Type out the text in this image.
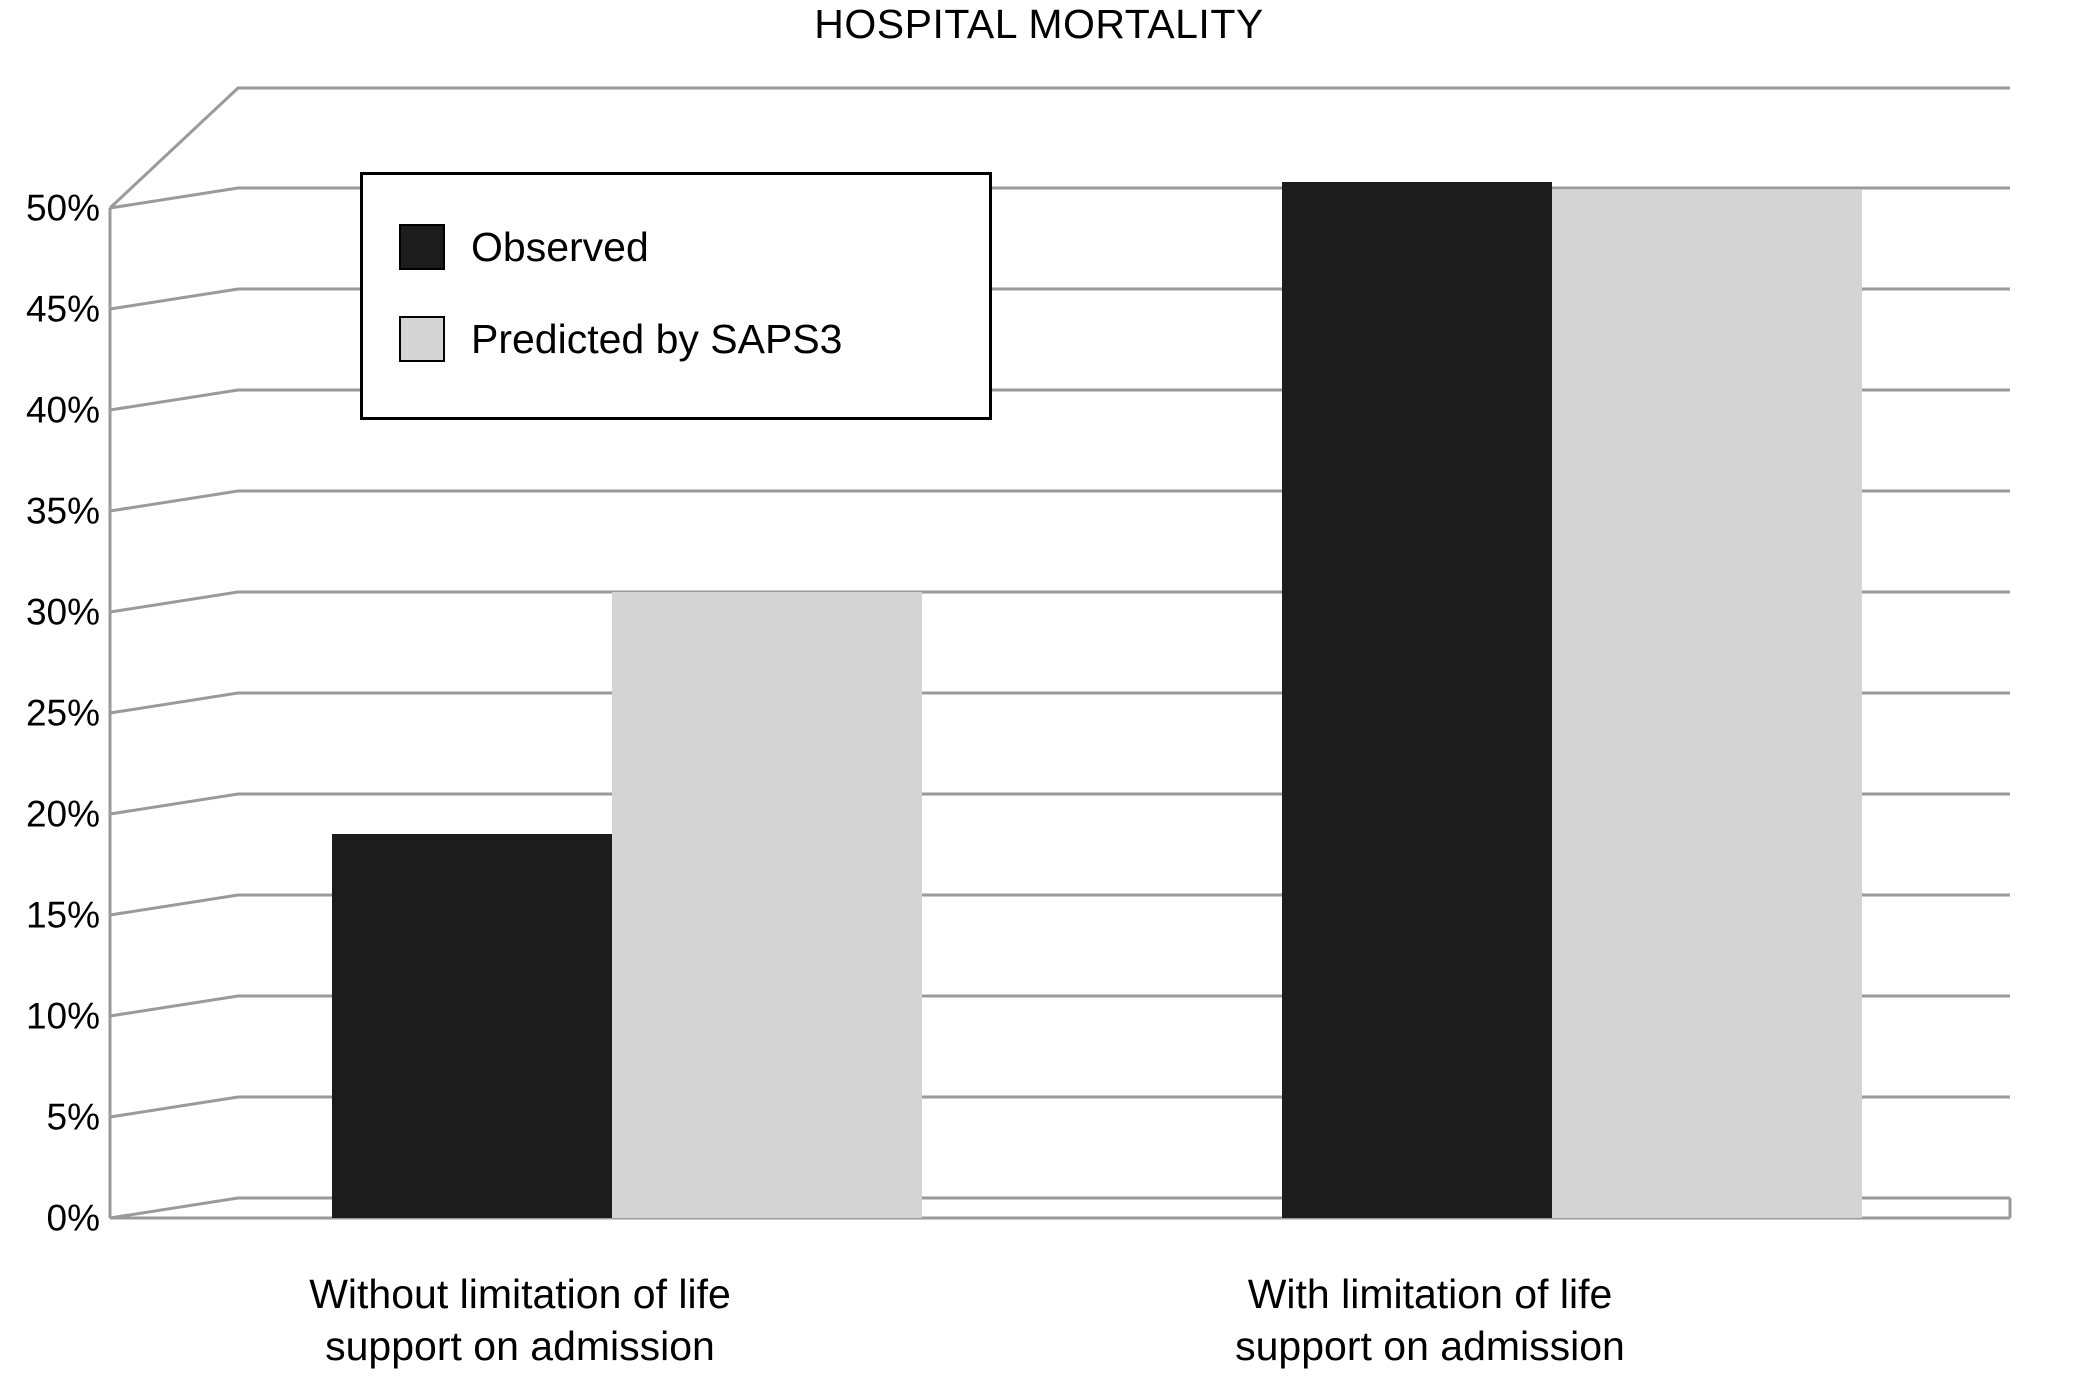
HOSPITAL MORTALITY
50%
45%
40%
35%
30%
25%
20%
15%
10%
5%
0%
Observed
Predicted by SAPS3
Without limitation of life
support on admission
With limitation of life
support on admission
